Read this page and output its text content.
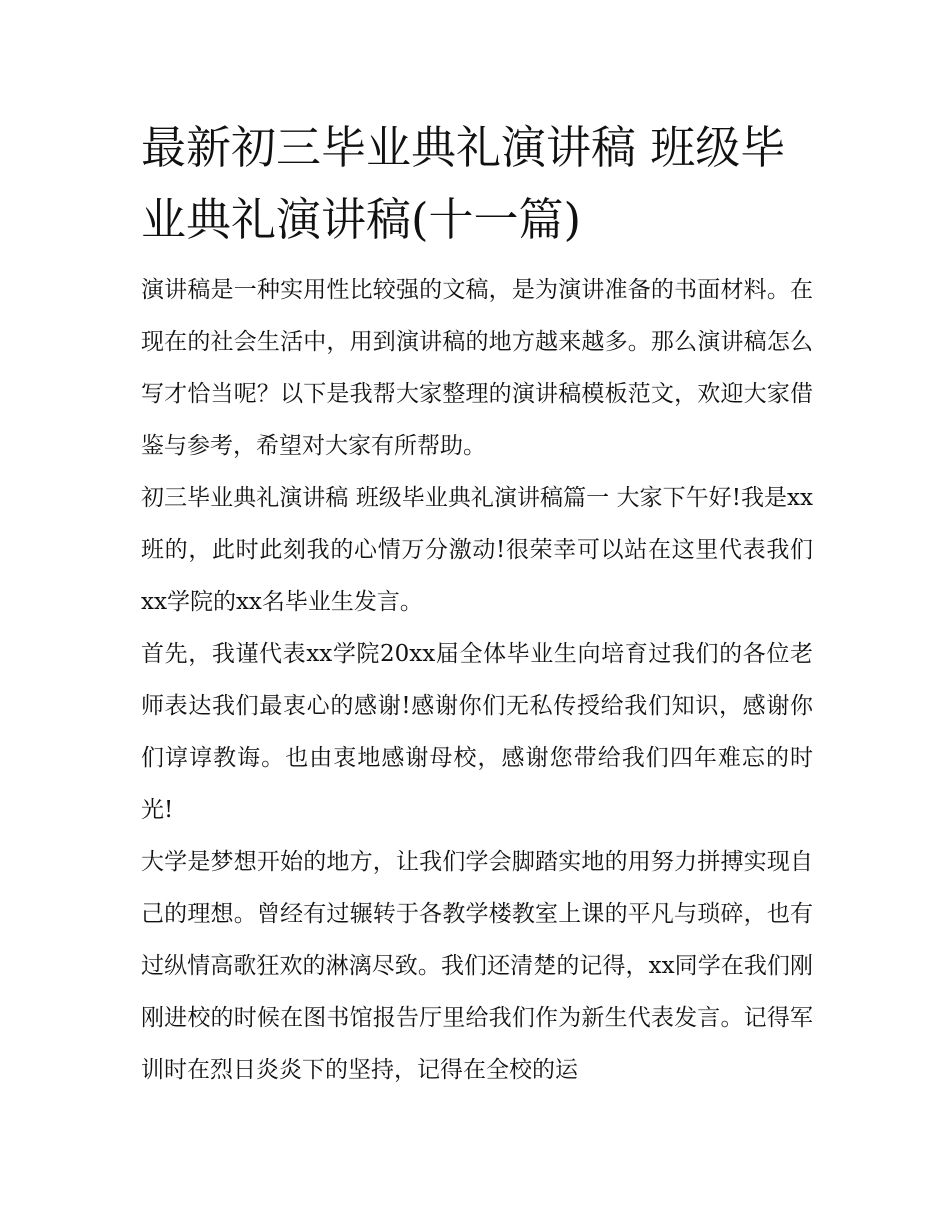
最新初三毕业典礼演讲稿 班级毕业典礼演讲稿(十一篇)

演讲稿是一种实用性比较强的文稿，是为演讲准备的书面材料。在现在的社会生活中，用到演讲稿的地方越来越多。那么演讲稿怎么写才恰当呢？以下是我帮大家整理的演讲稿模板范文，欢迎大家借鉴与参考，希望对大家有所帮助。

初三毕业典礼演讲稿 班级毕业典礼演讲稿篇一 大家下午好!我是xx班的，此时此刻我的心情万分激动!很荣幸可以站在这里代表我们xx学院的xx名毕业生发言。

首先，我谨代表xx学院20xx届全体毕业生向培育过我们的各位老师表达我们最衷心的感谢!感谢你们无私传授给我们知识，感谢你们谆谆教诲。也由衷地感谢母校，感谢您带给我们四年难忘的时光!

大学是梦想开始的地方，让我们学会脚踏实地的用努力拼搏实现自己的理想。曾经有过辗转于各教学楼教室上课的平凡与琐碎，也有过纵情高歌狂欢的淋漓尽致。我们还清楚的记得，xx同学在我们刚刚进校的时候在图书馆报告厅里给我们作为新生代表发言。记得军训时在烈日炎炎下的坚持，记得在全校的运
